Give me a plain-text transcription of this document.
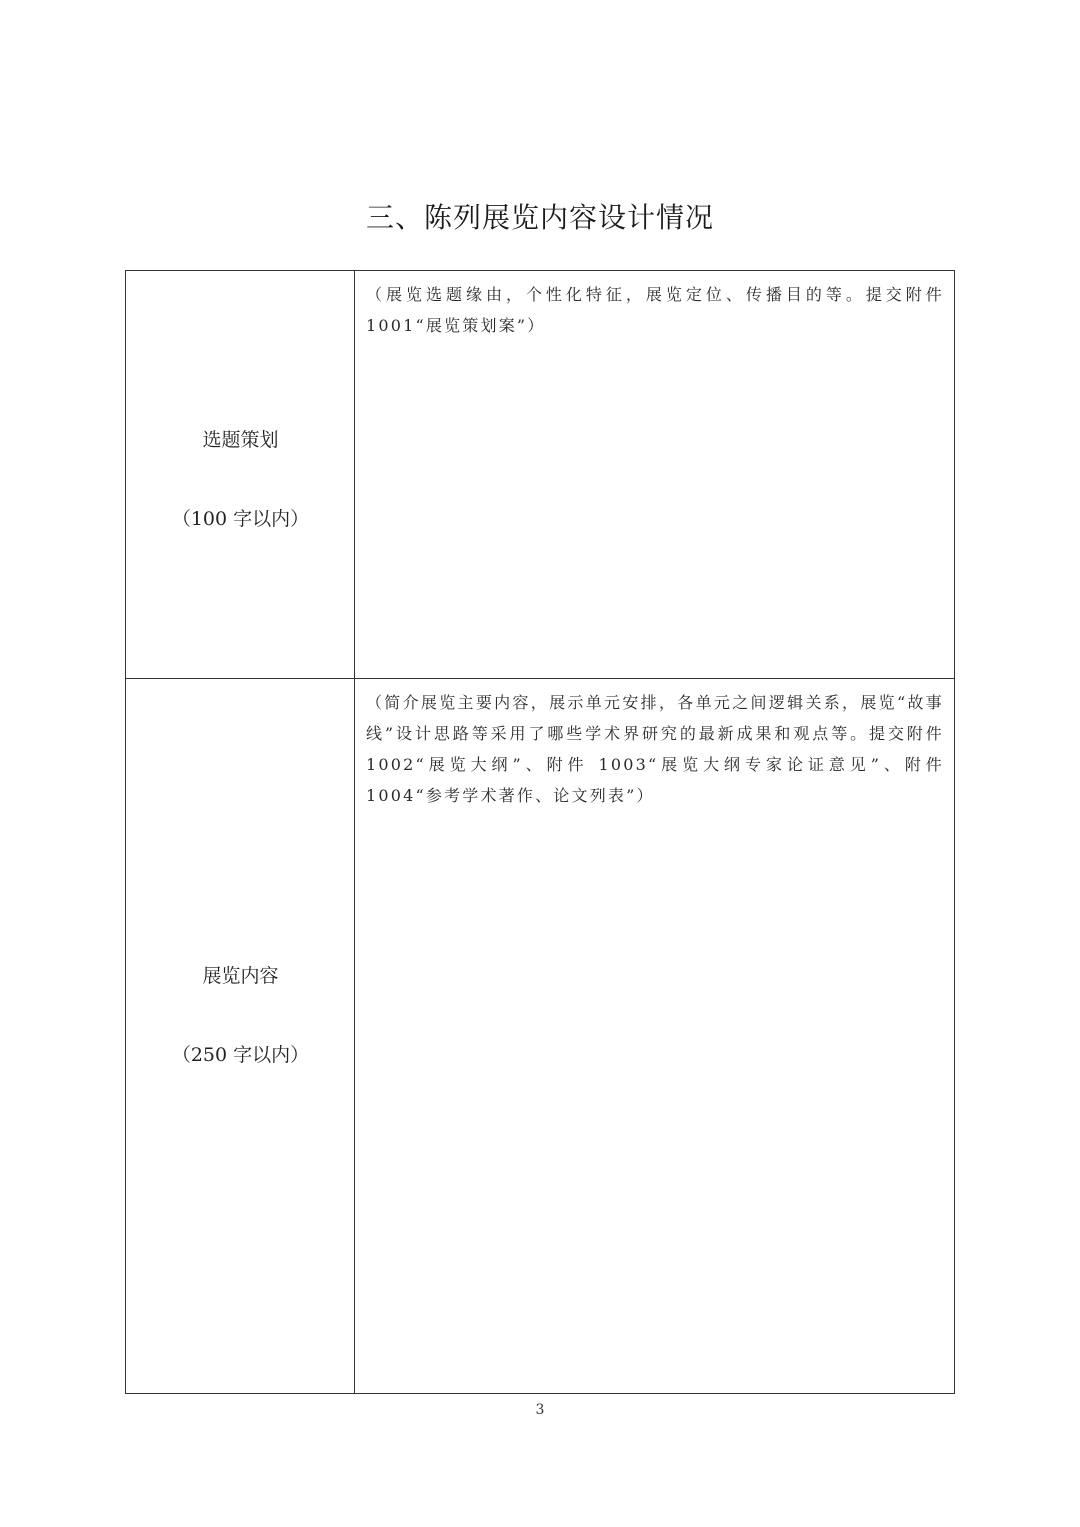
三、陈列展览内容设计情况
选题策划
（100 字以内）

（展览选题缘由，个性化特征，展览定位、传播目的等。提交附件 1001“展览策划案”）

展览内容
（250 字以内）

（简介展览主要内容，展示单元安排，各单元之间逻辑关系，展览“故事线”设计思路等采用了哪些学术界研究的最新成果和观点等。提交附件 1002“展览大纲”、附件 1003“展览大纲专家论证意见”、附件 1004“参考学术著作、论文列表”）

3
